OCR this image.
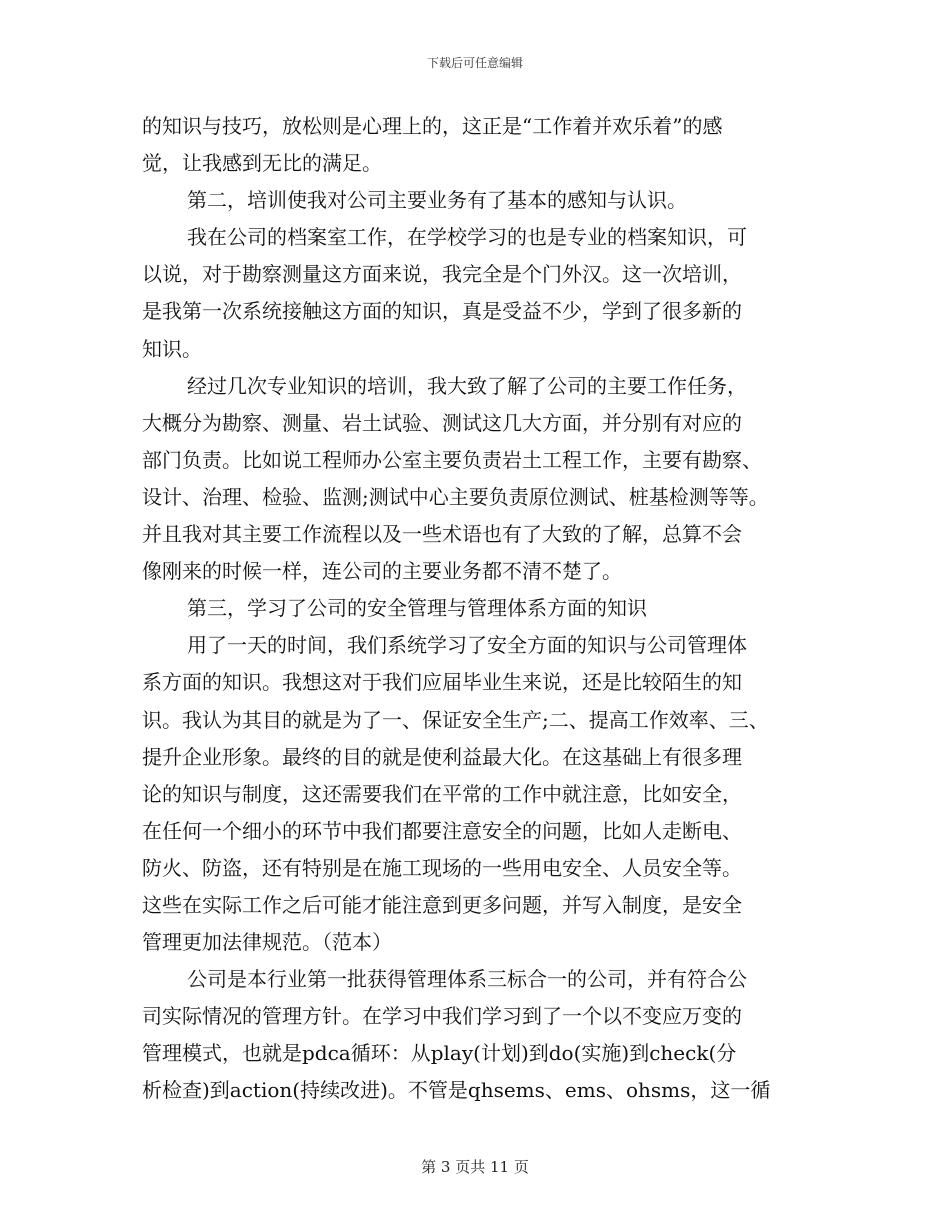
下载后可任意编辑
的知识与技巧，放松则是心理上的，这正是“工作着并欢乐着”的感
觉，让我感到无比的满足。
第二，培训使我对公司主要业务有了基本的感知与认识。
我在公司的档案室工作，在学校学习的也是专业的档案知识，可
以说，对于勘察测量这方面来说，我完全是个门外汉。这一次培训，
是我第一次系统接触这方面的知识，真是受益不少，学到了很多新的
知识。
经过几次专业知识的培训，我大致了解了公司的主要工作任务，
大概分为勘察、测量、岩土试验、测试这几大方面，并分别有对应的
部门负责。比如说工程师办公室主要负责岩土工程工作，主要有勘察、
设计、治理、检验、监测;测试中心主要负责原位测试、桩基检测等等。
并且我对其主要工作流程以及一些术语也有了大致的了解，总算不会
像刚来的时候一样，连公司的主要业务都不清不楚了。
第三，学习了公司的安全管理与管理体系方面的知识
用了一天的时间，我们系统学习了安全方面的知识与公司管理体
系方面的知识。我想这对于我们应届毕业生来说，还是比较陌生的知
识。我认为其目的就是为了一、保证安全生产;二、提高工作效率、三、
提升企业形象。最终的目的就是使利益最大化。在这基础上有很多理
论的知识与制度，这还需要我们在平常的工作中就注意，比如安全，
在任何一个细小的环节中我们都要注意安全的问题，比如人走断电、
防火、防盗，还有特别是在施工现场的一些用电安全、人员安全等。
这些在实际工作之后可能才能注意到更多问题，并写入制度，是安全
管理更加法律规范。（范本）
公司是本行业第一批获得管理体系三标合一的公司，并有符合公
司实际情况的管理方针。在学习中我们学习到了一个以不变应万变的
管理模式，也就是pdca循环：从play(计划)到do(实施)到check(分
析检查)到action(持续改进)。不管是qhsems、ems、ohsms，这一循
第 3 页共 11 页
